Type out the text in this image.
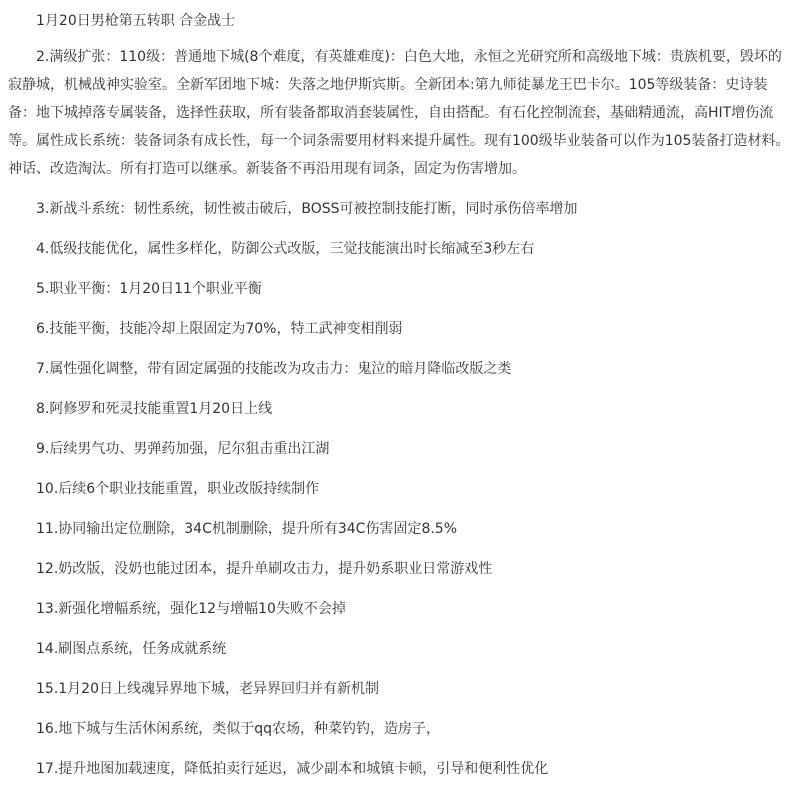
1月20日男枪第五转职 合金战士

2.满级扩张：110级：普通地下城(8个难度，有英雄难度)：白色大地，永恒之光研究所和高级地下城：贵族机要，毁坏的寂静城，机械战神实验室。全新军团地下城：失落之地伊斯宾斯。全新团本:第九师徒暴龙王巴卡尔。105等级装备：史诗装备：地下城掉落专属装备，选择性获取，所有装备都取消套装属性，自由搭配。有石化控制流套，基础精通流，高HIT增伤流等。属性成长系统：装备词条有成长性，每一个词条需要用材料来提升属性。现有100级毕业装备可以作为105装备打造材料。神话、改造淘汰。所有打造可以继承。新装备不再沿用现有词条，固定为伤害增加。

3.新战斗系统：韧性系统，韧性被击破后，BOSS可被控制技能打断，同时承伤倍率增加

4.低级技能优化，属性多样化，防御公式改版，三觉技能演出时长缩减至3秒左右

5.职业平衡：1月20日11个职业平衡

6.技能平衡，技能冷却上限固定为70%，特工武神变相削弱

7.属性强化调整，带有固定属强的技能改为攻击力：鬼泣的暗月降临改版之类

8.阿修罗和死灵技能重置1月20日上线

9.后续男气功、男弹药加强，尼尔狙击重出江湖

10.后续6个职业技能重置，职业改版持续制作

11.协同输出定位删除，34C机制删除，提升所有34C伤害固定8.5%

12.奶改版，没奶也能过团本，提升单刷攻击力，提升奶系职业日常游戏性

13.新强化增幅系统，强化12与增幅10失败不会掉

14.刷图点系统，任务成就系统

15.1月20日上线魂异界地下城，老异界回归并有新机制

16.地下城与生活休闲系统，类似于qq农场，种菜钓钓，造房子，

17.提升地图加载速度，降低拍卖行延迟，减少副本和城镇卡顿，引导和便利性优化
